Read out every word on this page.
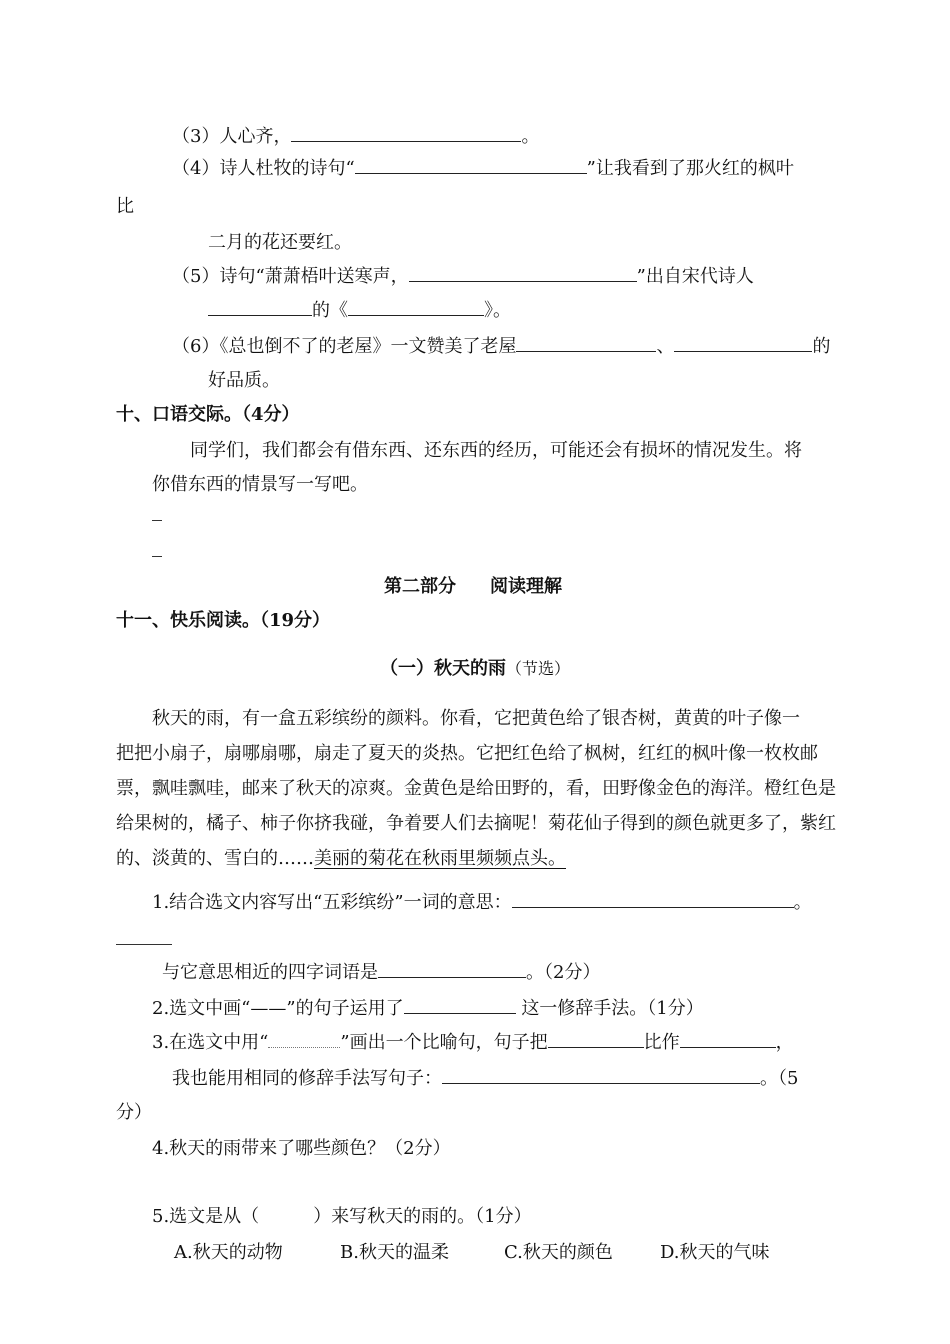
（3）人心齐，	。
（4）诗人杜牧的诗句“	”让我看到了那火红的枫叶
比
二月的花还要红。
（5）诗句“萧萧梧叶送寒声，	”出自宋代诗人
的《	》。
（6）《总也倒不了的老屋》一文赞美了老屋	、	的
好品质。
十、口语交际。（4分）
同学们，我们都会有借东西、还东西的经历，可能还会有损坏的情况发生。将
你借东西的情景写一写吧。
第二部分 阅读理解
十一、快乐阅读。（19分）
（一）秋天的雨（节选）
秋天的雨，有一盒五彩缤纷的颜料。你看，它把黄色给了银杏树，黄黄的叶子像一
把把小扇子，扇哪扇哪，扇走了夏天的炎热。它把红色给了枫树，红红的枫叶像一枚枚邮
票，飘哇飘哇，邮来了秋天的凉爽。金黄色是给田野的，看，田野像金色的海洋。橙红色是
给果树的，橘子、柿子你挤我碰，争着要人们去摘呢！菊花仙子得到的颜色就更多了，紫红
的、淡黄的、雪白的……美丽的菊花在秋雨里频频点头。
1.结合选文内容写出“五彩缤纷”一词的意思：	。
与它意思相近的四字词语是	。（2分）
2.选文中画“——”的句子运用了	这一修辞手法。（1分）
3.在选文中用“	”画出一个比喻句，句子把	比作	，
我也能用相同的修辞手法写句子：	。（5
分）
4.秋天的雨带来了哪些颜色？（2分）
5.选文是从（	）来写秋天的雨的。（1分）
A.秋天的动物	B.秋天的温柔	C.秋天的颜色	D.秋天的气味
